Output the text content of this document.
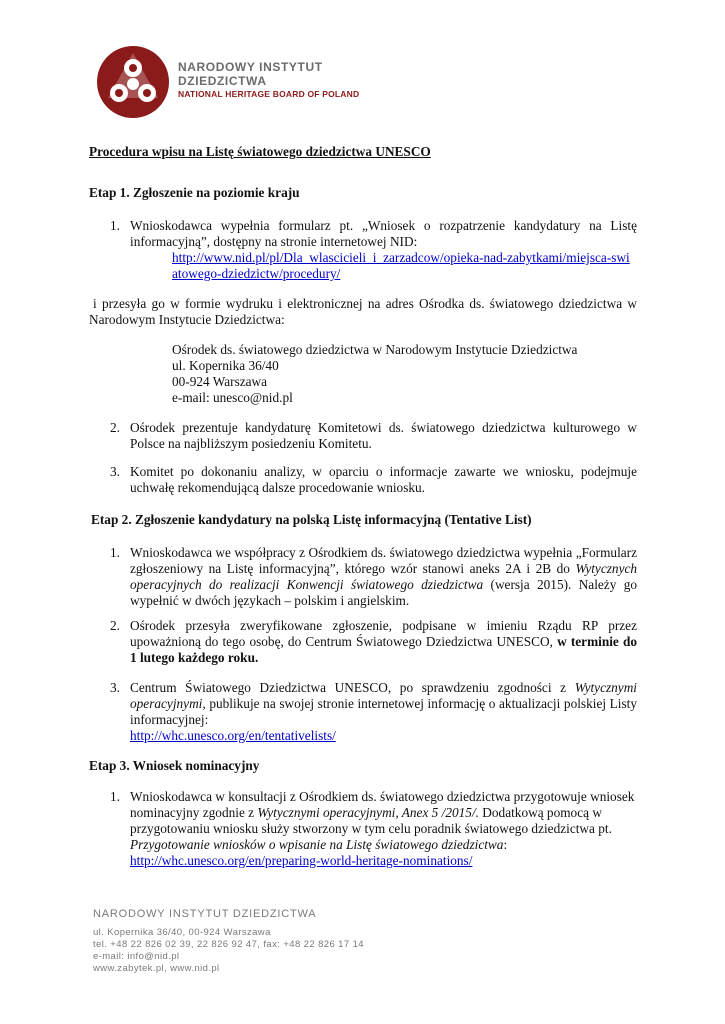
NARODOWY INSTYTUT
DZIEDZICTWA
NATIONAL HERITAGE BOARD OF POLAND
Procedura wpisu na Listę światowego dziedzictwa UNESCO
Etap 1. Zgłoszenie na poziomie kraju
1. Wnioskodawca wypełnia formularz pt. „Wniosek o rozpatrzenie kandydatury na Listę informacyjną”, dostępny na stronie internetowej NID:
http://www.nid.pl/pl/Dla_wlascicieli_i_zarzadcow/opieka-nad-zabytkami/miejsca-swiatowego-dziedzictw/procedury/
i przesyła go w formie wydruku i elektronicznej na adres Ośrodka ds. światowego dziedzictwa w Narodowym Instytucie Dziedzictwa:
Ośrodek ds. światowego dziedzictwa w Narodowym Instytucie Dziedzictwa
ul. Kopernika 36/40
00-924 Warszawa
e-mail: unesco@nid.pl
2. Ośrodek prezentuje kandydaturę Komitetowi ds. światowego dziedzictwa kulturowego w Polsce na najbliższym posiedzeniu Komitetu.
3. Komitet po dokonaniu analizy, w oparciu o informacje zawarte we wniosku, podejmuje uchwałę rekomendującą dalsze procedowanie wniosku.
Etap 2. Zgłoszenie kandydatury na polską Listę informacyjną (Tentative List)
1. Wnioskodawca we współpracy z Ośrodkiem ds. światowego dziedzictwa wypełnia „Formularz zgłoszeniowy na Listę informacyjną”, którego wzór stanowi aneks 2A i 2B do Wytycznych operacyjnych do realizacji Konwencji światowego dziedzictwa (wersja 2015). Należy go wypełnić w dwóch językach – polskim i angielskim.
2. Ośrodek przesyła zweryfikowane zgłoszenie, podpisane w imieniu Rządu RP przez upoważnioną do tego osobę, do Centrum Światowego Dziedzictwa UNESCO, w terminie do 1 lutego każdego roku.
3. Centrum Światowego Dziedzictwa UNESCO, po sprawdzeniu zgodności z Wytycznymi operacyjnymi, publikuje na swojej stronie internetowej informację o aktualizacji polskiej Listy informacyjnej:
http://whc.unesco.org/en/tentativelists/
Etap 3. Wniosek nominacyjny
1. Wnioskodawca w konsultacji z Ośrodkiem ds. światowego dziedzictwa przygotowuje wniosek nominacyjny zgodnie z Wytycznymi operacyjnymi, Anex 5 /2015/. Dodatkową pomocą w przygotowaniu wniosku służy stworzony w tym celu poradnik światowego dziedzictwa pt. Przygotowanie wniosków o wpisanie na Listę światowego dziedzictwa:
http://whc.unesco.org/en/preparing-world-heritage-nominations/
NARODOWY INSTYTUT DZIEDZICTWA
ul. Kopernika 36/40, 00-924 Warszawa
tel. +48 22 826 02 39, 22 826 92 47, fax: +48 22 826 17 14
e-mail: info@nid.pl
www.zabytek.pl, www.nid.pl
